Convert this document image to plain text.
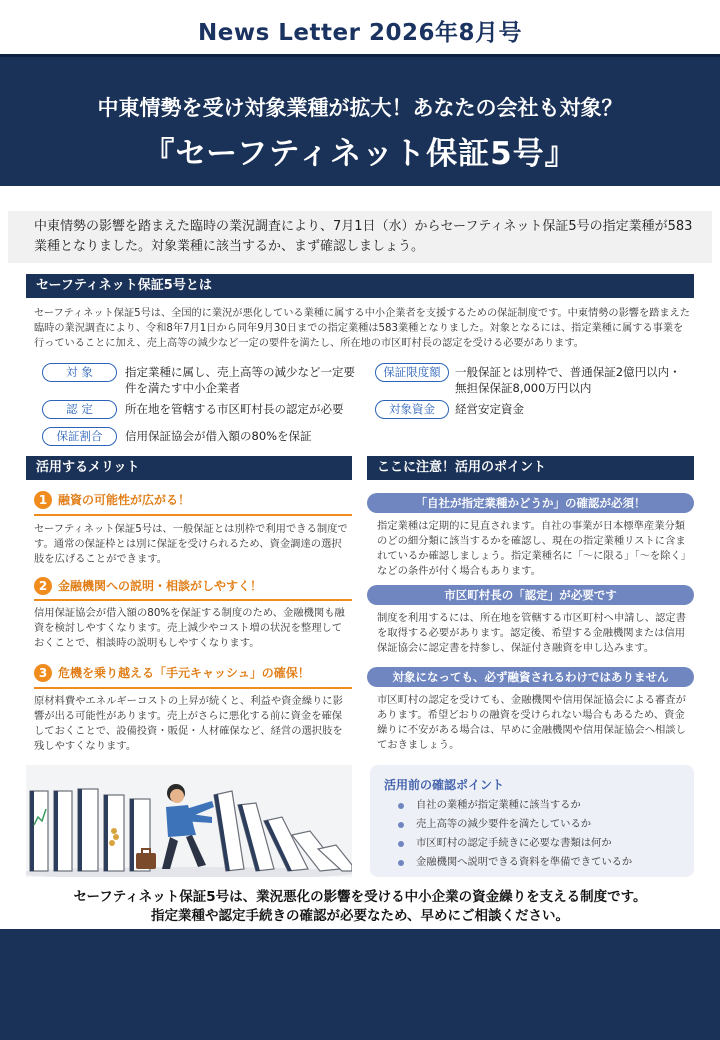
News Letter 2026年8月号
中東情勢を受け対象業種が拡大！あなたの会社も対象？
『セーフティネット保証5号』
中東情勢の影響を踏まえた臨時の業況調査により、7月1日（水）からセーフティネット保証5号の指定業種が583業種となりました。対象業種に該当するか、まず確認しましょう。
セーフティネット保証5号とは
セーフティネット保証5号は、全国的に業況が悪化している業種に属する中小企業者を支援するための保証制度です。中東情勢の影響を踏まえた臨時の業況調査により、令和8年7月1日から同年9月30日までの指定業種は583業種となりました。対象となるには、指定業種に属する事業を行っていることに加え、売上高等の減少など一定の要件を満たし、所在地の市区町村長の認定を受ける必要があります。
対 象	指定業種に属し、売上高等の減少など一定要件を満たす中小企業者
認 定	所在地を管轄する市区町村長の認定が必要
保証割合	信用保証協会が借入額の80%を保証
保証限度額	一般保証とは別枠で、普通保証2億円以内・無担保保証8,000万円以内
対象資金	経営安定資金
活用するメリット
1 融資の可能性が広がる！
セーフティネット保証5号は、一般保証とは別枠で利用できる制度です。通常の保証枠とは別に保証を受けられるため、資金調達の選択肢を広げることができます。
2 金融機関への説明・相談がしやすく！
信用保証協会が借入額の80%を保証する制度のため、金融機関も融資を検討しやすくなります。売上減少やコスト増の状況を整理しておくことで、相談時の説明もしやすくなります。
3 危機を乗り越える「手元キャッシュ」の確保！
原材料費やエネルギーコストの上昇が続くと、利益や資金繰りに影響が出る可能性があります。売上がさらに悪化する前に資金を確保しておくことで、設備投資・販促・人材確保など、経営の選択肢を残しやすくなります。
ここに注意！活用のポイント
「自社が指定業種かどうか」の確認が必須！
指定業種は定期的に見直されます。自社の事業が日本標準産業分類のどの細分類に該当するかを確認し、現在の指定業種リストに含まれているか確認しましょう。指定業種名に「～に限る」「～を除く」などの条件が付く場合もあります。
市区町村長の「認定」が必要です
制度を利用するには、所在地を管轄する市区町村へ申請し、認定書を取得する必要があります。認定後、希望する金融機関または信用保証協会に認定書を持参し、保証付き融資を申し込みます。
対象になっても、必ず融資されるわけではありません
市区町村の認定を受けても、金融機関や信用保証協会による審査があります。希望どおりの融資を受けられない場合もあるため、資金繰りに不安がある場合は、早めに金融機関や信用保証協会へ相談しておきましょう。
活用前の確認ポイント
自社の業種が指定業種に該当するか
売上高等の減少要件を満たしているか
市区町村の認定手続きに必要な書類は何か
金融機関へ説明できる資料を準備できているか
セーフティネット保証5号は、業況悪化の影響を受ける中小企業の資金繰りを支える制度です。
指定業種や認定手続きの確認が必要なため、早めにご相談ください。
